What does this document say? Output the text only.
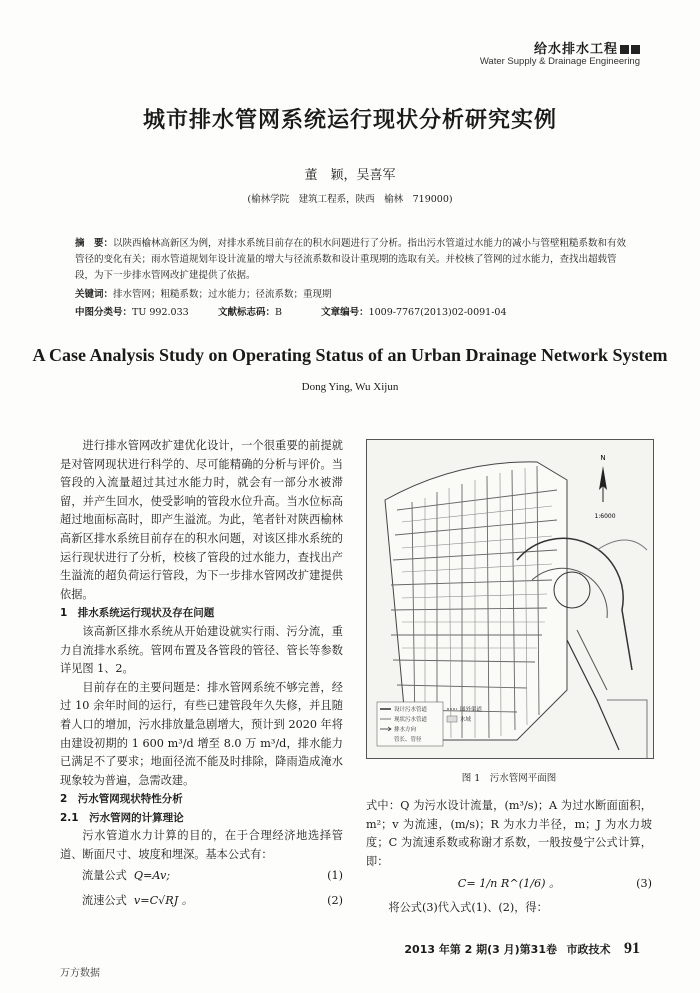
给水排水工程
Water Supply & Drainage Engineering
城市排水管网系统运行现状分析研究实例
董　颖，吴喜军
(榆林学院　建筑工程系，陕西　榆林　719000)
摘　要：以陕西榆林高新区为例，对排水系统目前存在的积水问题进行了分析。指出污水管道过水能力的减小与管壁粗糙系数和有效管径的变化有关；雨水管道规划年设计流量的增大与径流系数和设计重现期的选取有关。并校核了管网的过水能力，查找出超载管段，为下一步排水管网改扩建提供了依据。
关键词：排水管网；粗糙系数；过水能力；径流系数；重现期
中图分类号：TU 992.033	文献标志码：B	文章编号：1009-7767(2013)02-0091-04
A Case Analysis Study on Operating Status of an Urban Drainage Network System
Dong Ying, Wu Xijun

进行排水管网改扩建优化设计，一个很重要的前提就是对管网现状进行科学的、尽可能精确的分析与评价。当管段的入流量超过其过水能力时，就会有一部分水被滞留，并产生回水，使受影响的管段水位升高。当水位标高超过地面标高时，即产生溢流。为此，笔者针对陕西榆林高新区排水系统目前存在的积水问题，对该区排水系统的运行现状进行了分析，校核了管段的过水能力，查找出产生溢流的超负荷运行管段，为下一步排水管网改扩建提供依据。

1　排水系统运行现状及存在问题

该高新区排水系统从开始建设就实行雨、污分流，重力自流排水系统。管网布置及各管段的管径、管长等参数详见图 1、2。

目前存在的主要问题是：排水管网系统不够完善，经过 10 余年时间的运行，有些已建管段年久失修，并且随着人口的增加，污水排放量急剧增大，预计到 2020 年将由建设初期的 1 600 m³/d 增至 8.0 万 m³/d，排水能力已满足不了要求；地面径流不能及时排除，降雨造成淹水现象较为普遍，急需改建。

2　污水管网现状特性分析

2.1　污水管网的计算理论

污水管道水力计算的目的，在于合理经济地选择管道、断面尺寸、坡度和埋深。基本公式有：

流量公式 Q=Av;	(1)
流速公式 v=C√RJ 。	(2)
N
1:6000
设计污水管道
现状污水管道
排水方向
管长、管径
图外渠道
水域
图 1　污水管网平面图

式中：Q 为污水设计流量，(m³/s)；A 为过水断面面积，m²；v 为流速，(m/s)；R 为水力半径，m；J 为水力坡度；C 为流速系数或称谢才系数，一般按曼宁公式计算，即：

C= 1/n R^(1/6) 。	(3)

将公式(3)代入式(1)、(2)，得：

2013 年第 2 期(3 月)第31卷 市政技术 91
万方数据
